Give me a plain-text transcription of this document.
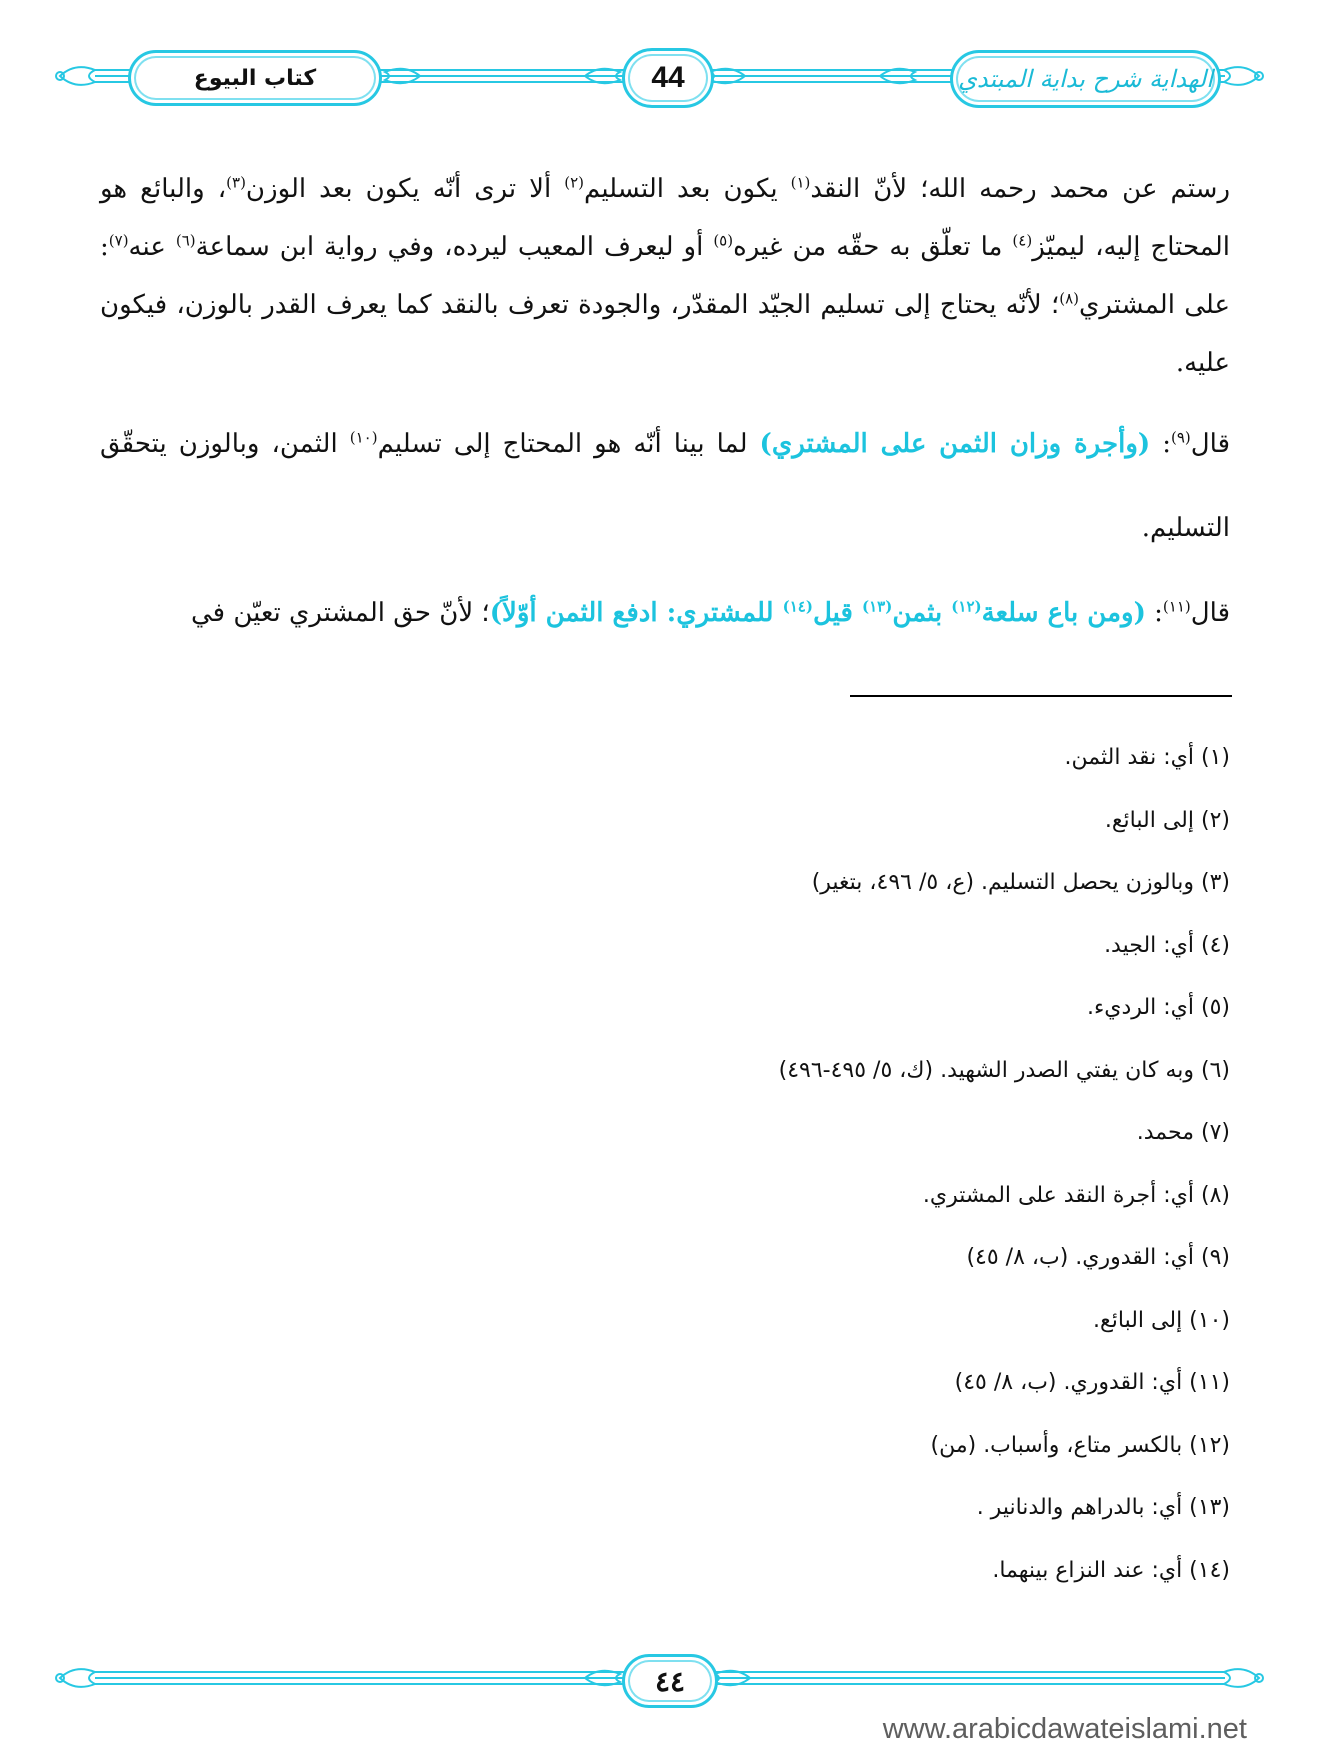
كتاب البيوع	44	الهداية شرح بداية المبتدي

رستم عن محمد رحمه الله؛ لأنّ النقد$^{(١)}$ يكون بعد التسليم$^{(٢)}$ ألا ترى أنّه يكون بعد الوزن$^{(٣)}$، والبائع هو المحتاج إليه، ليميّز$^{(٤)}$ ما تعلّق به حقّه من غيره$^{(٥)}$ أو ليعرف المعيب ليرده، وفي رواية ابن سماعة$^{(٦)}$ عنه$^{(٧)}$: على المشتري$^{(٨)}$؛ لأنّه يحتاج إلى تسليم الجيّد المقدّر، والجودة تعرف بالنقد كما يعرف القدر بالوزن، فيكون عليه.

قال$^{(٩)}$: (وأجرة وزان الثمن على المشتري) لما بينا أنّه هو المحتاج إلى تسليم$^{(١٠)}$ الثمن، وبالوزن يتحقّق التسليم.

قال$^{(١١)}$: (ومن باع سلعة$^{(١٢)}$ بثمن$^{(١٣)}$ قيل$^{(١٤)}$ للمشتري: ادفع الثمن أوّلاً)؛ لأنّ حق المشتري تعيّن في

(١) أي: نقد الثمن.
(٢) إلى البائع.
(٣) وبالوزن يحصل التسليم. (ع، ٥/ ٤٩٦، بتغير)
(٤) أي: الجيد.
(٥) أي: الرديء.
(٦) وبه كان يفتي الصدر الشهيد. (ك، ٥/ ٤٩٥-٤٩٦)
(٧) محمد.
(٨) أي: أجرة النقد على المشتري.
(٩) أي: القدوري. (ب، ٨/ ٤٥)
(١٠) إلى البائع.
(١١) أي: القدوري. (ب، ٨/ ٤٥)
(١٢) بالكسر متاع، وأسباب. (من)
(١٣) أي: بالدراهم والدنانير .
(١٤) أي: عند النزاع بينهما.
٤٤
www.arabicdawateislami.net
